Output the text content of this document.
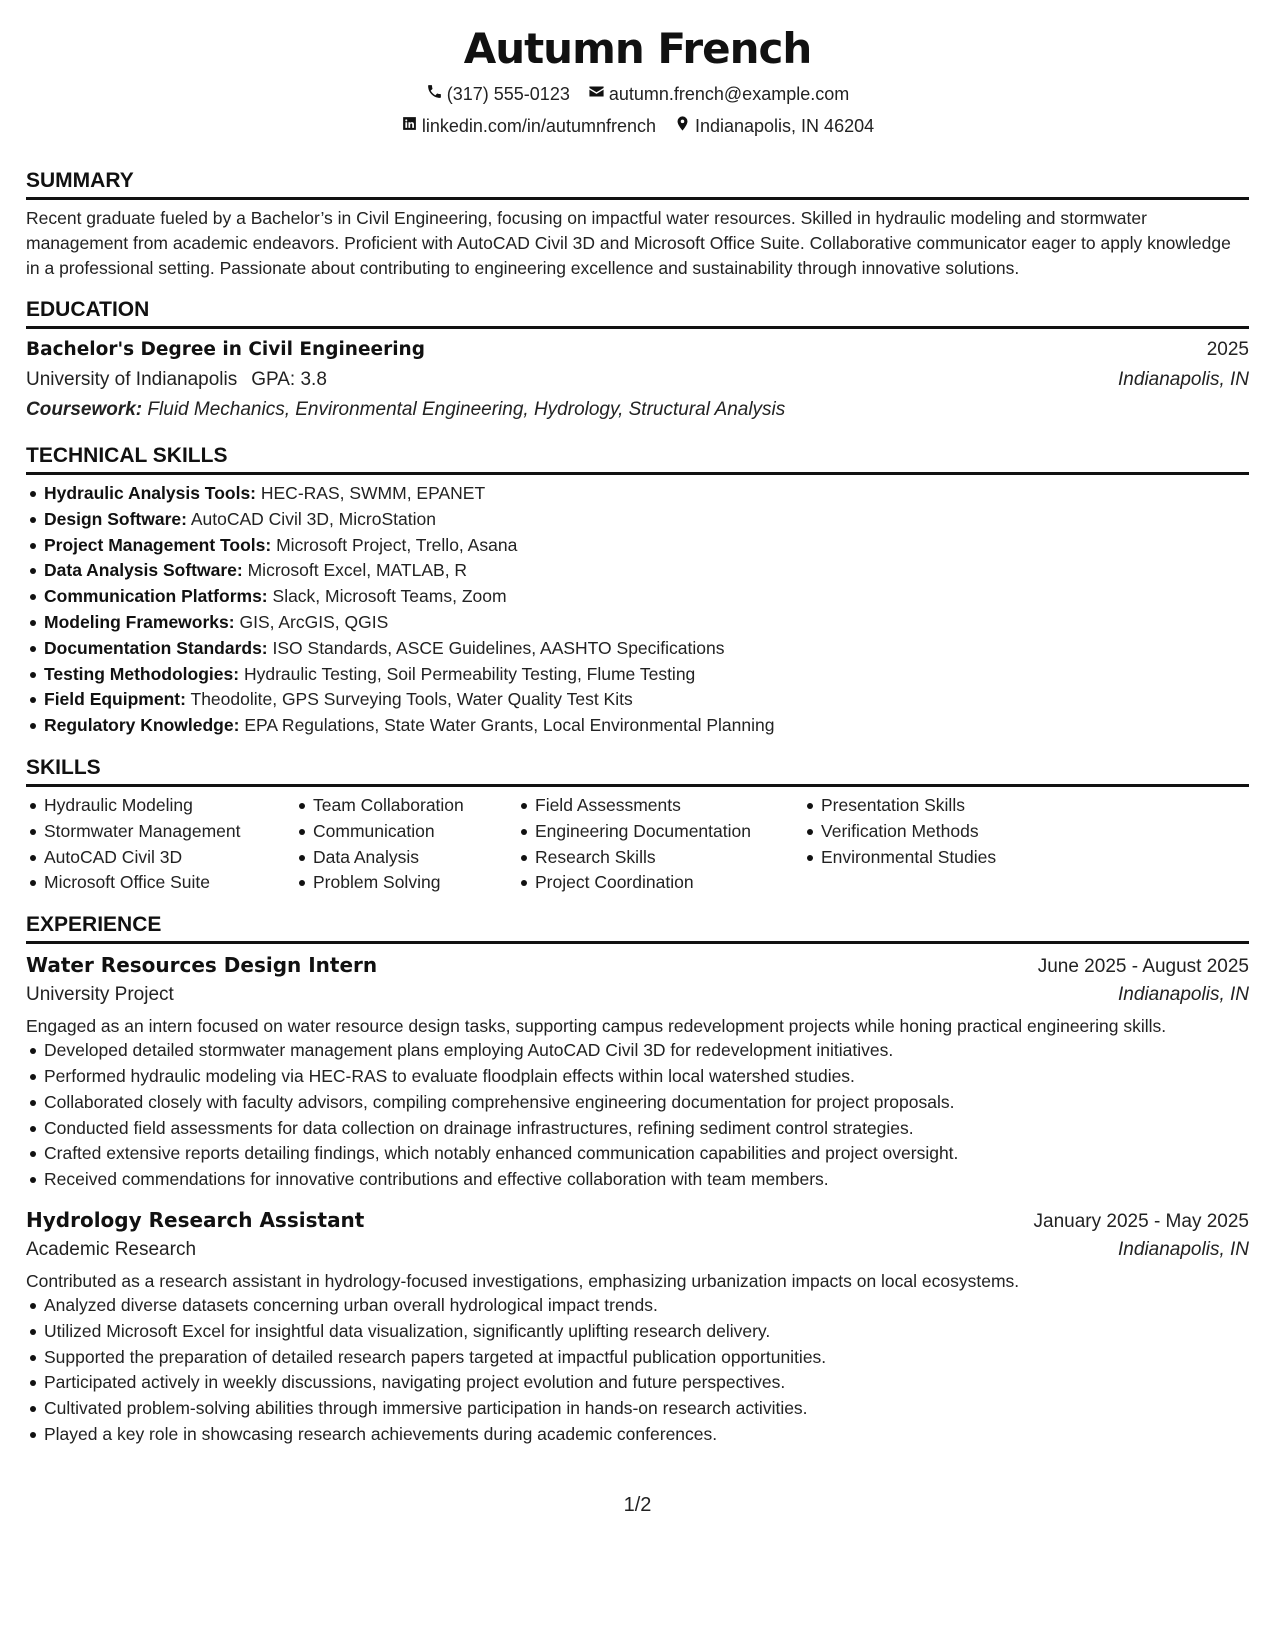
Autumn French
(317) 555-0123 autumn.french@example.com
linkedin.com/in/autumnfrench Indianapolis, IN 46204
SUMMARY

Recent graduate fueled by a Bachelor’s in Civil Engineering, focusing on impactful water resources. Skilled in hydraulic modeling and stormwater management from academic endeavors. Proficient with AutoCAD Civil 3D and Microsoft Office Suite. Collaborative communicator eager to apply knowledge in a professional setting. Passionate about contributing to engineering excellence and sustainability through innovative solutions.

EDUCATION
Bachelor's Degree in Civil Engineering	2025
University of Indianapolis GPA: 3.8	Indianapolis, IN
Coursework: Fluid Mechanics, Environmental Engineering, Hydrology, Structural Analysis
TECHNICAL SKILLS
Hydraulic Analysis Tools: HEC-RAS, SWMM, EPANET
Design Software: AutoCAD Civil 3D, MicroStation
Project Management Tools: Microsoft Project, Trello, Asana
Data Analysis Software: Microsoft Excel, MATLAB, R
Communication Platforms: Slack, Microsoft Teams, Zoom
Modeling Frameworks: GIS, ArcGIS, QGIS
Documentation Standards: ISO Standards, ASCE Guidelines, AASHTO Specifications
Testing Methodologies: Hydraulic Testing, Soil Permeability Testing, Flume Testing
Field Equipment: Theodolite, GPS Surveying Tools, Water Quality Test Kits
Regulatory Knowledge: EPA Regulations, State Water Grants, Local Environmental Planning
SKILLS
Hydraulic Modeling
Stormwater Management
AutoCAD Civil 3D
Microsoft Office Suite
Team Collaboration
Communication
Data Analysis
Problem Solving
Field Assessments
Engineering Documentation
Research Skills
Project Coordination
Presentation Skills
Verification Methods
Environmental Studies
EXPERIENCE
Water Resources Design Intern	June 2025 - August 2025
University Project	Indianapolis, IN

Engaged as an intern focused on water resource design tasks, supporting campus redevelopment projects while honing practical engineering skills.

Developed detailed stormwater management plans employing AutoCAD Civil 3D for redevelopment initiatives.
Performed hydraulic modeling via HEC-RAS to evaluate floodplain effects within local watershed studies.
Collaborated closely with faculty advisors, compiling comprehensive engineering documentation for project proposals.
Conducted field assessments for data collection on drainage infrastructures, refining sediment control strategies.
Crafted extensive reports detailing findings, which notably enhanced communication capabilities and project oversight.
Received commendations for innovative contributions and effective collaboration with team members.
Hydrology Research Assistant	January 2025 - May 2025
Academic Research	Indianapolis, IN

Contributed as a research assistant in hydrology-focused investigations, emphasizing urbanization impacts on local ecosystems.

Analyzed diverse datasets concerning urban overall hydrological impact trends.
Utilized Microsoft Excel for insightful data visualization, significantly uplifting research delivery.
Supported the preparation of detailed research papers targeted at impactful publication opportunities.
Participated actively in weekly discussions, navigating project evolution and future perspectives.
Cultivated problem-solving abilities through immersive participation in hands-on research activities.
Played a key role in showcasing research achievements during academic conferences.
1/2
